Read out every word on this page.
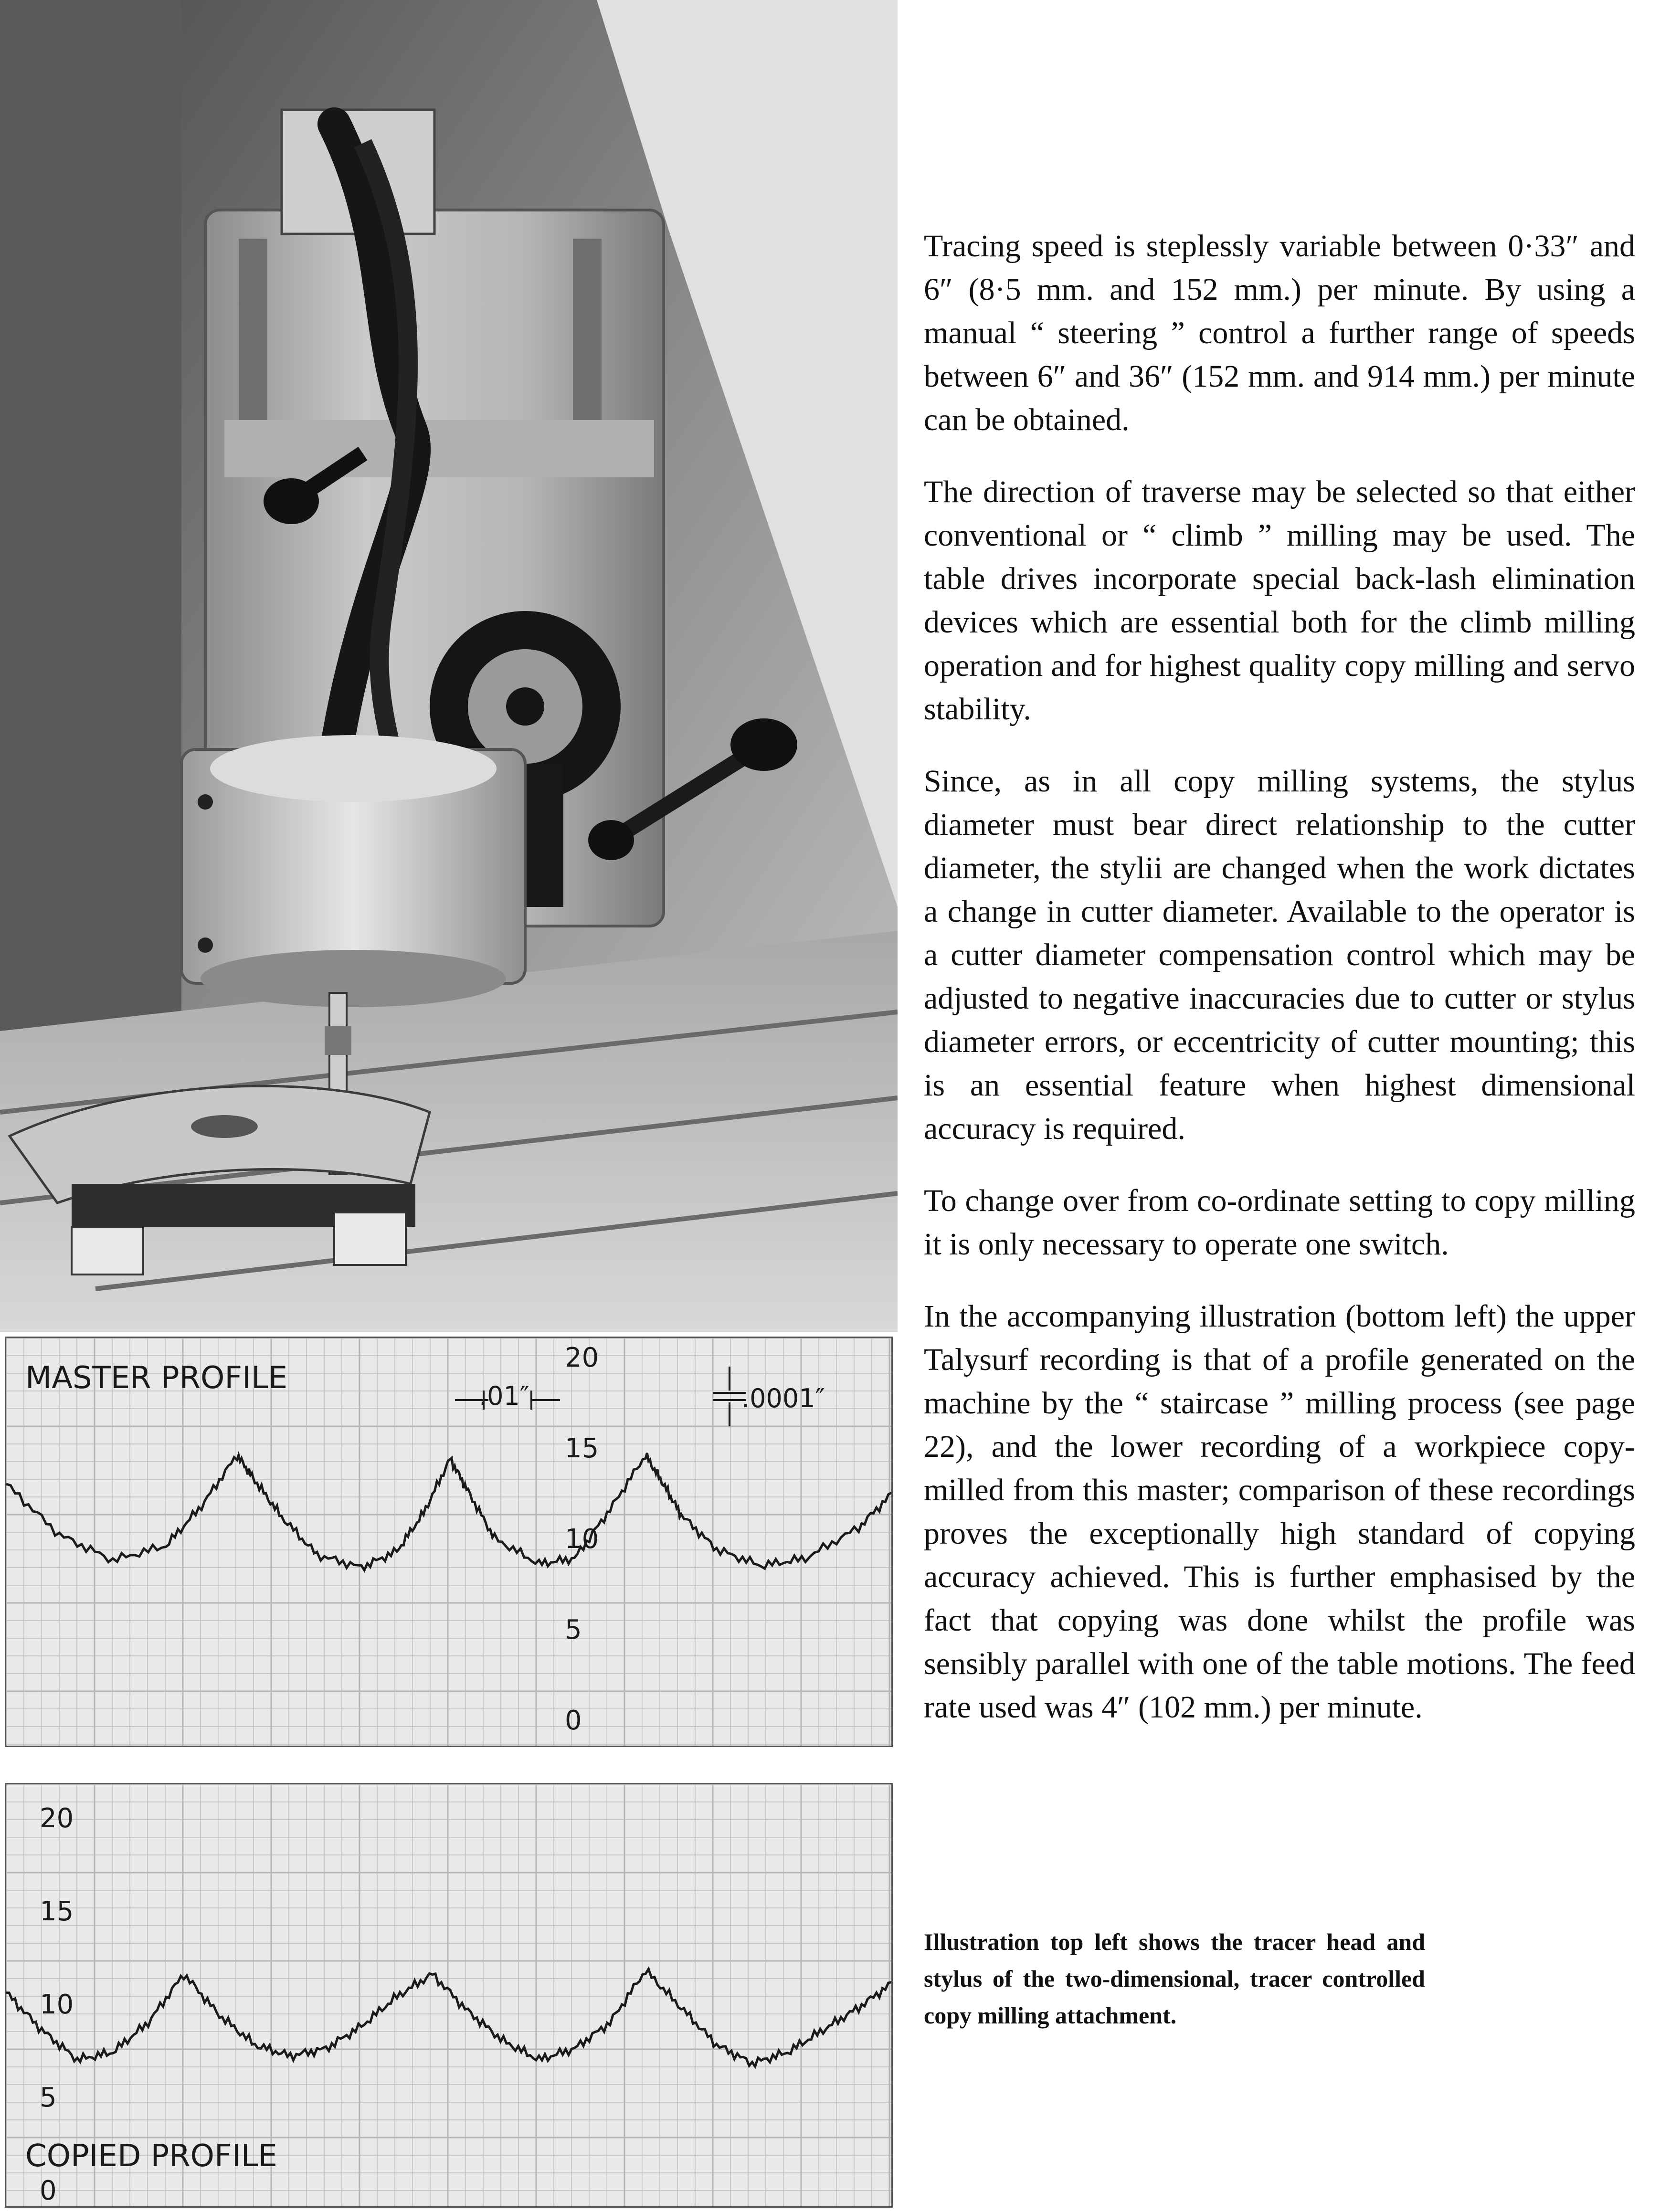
MASTER PROFILE
.01″	.0001″
20
15
10
5
0
COPIED PROFILE
20
15
10
5
0

Tracing speed is steplessly variable between 0·33″ and 6″ (8·5 mm. and 152 mm.) per minute. By using a manual “ steering ” control a further range of speeds between 6″ and 36″ (152 mm. and 914 mm.) per minute can be obtained.

The direction of traverse may be selected so that either conventional or “ climb ” milling may be used. The table drives incorporate special back-lash elimination devices which are essential both for the climb milling operation and for highest quality copy milling and servo stability.

Since, as in all copy milling systems, the stylus diameter must bear direct relationship to the cutter diameter, the stylii are changed when the work dictates a change in cutter diameter. Available to the operator is a cutter diameter compensation control which may be adjusted to negative inaccuracies due to cutter or stylus diameter errors, or eccentricity of cutter mounting; this is an essential feature when highest dimensional accuracy is required.

To change over from co-ordinate setting to copy milling it is only necessary to operate one switch.

In the accompanying illustration (bottom left) the upper Talysurf recording is that of a profile generated on the machine by the “ staircase ” milling process (see page 22), and the lower recording of a workpiece copy-milled from this master; comparison of these recordings proves the exceptionally high standard of copying accuracy achieved. This is further emphasised by the fact that copying was done whilst the profile was sensibly parallel with one of the table motions. The feed rate used was 4″ (102 mm.) per minute.

Illustration top left shows the tracer head and stylus of the two-dimensional, tracer controlled copy milling attachment.
